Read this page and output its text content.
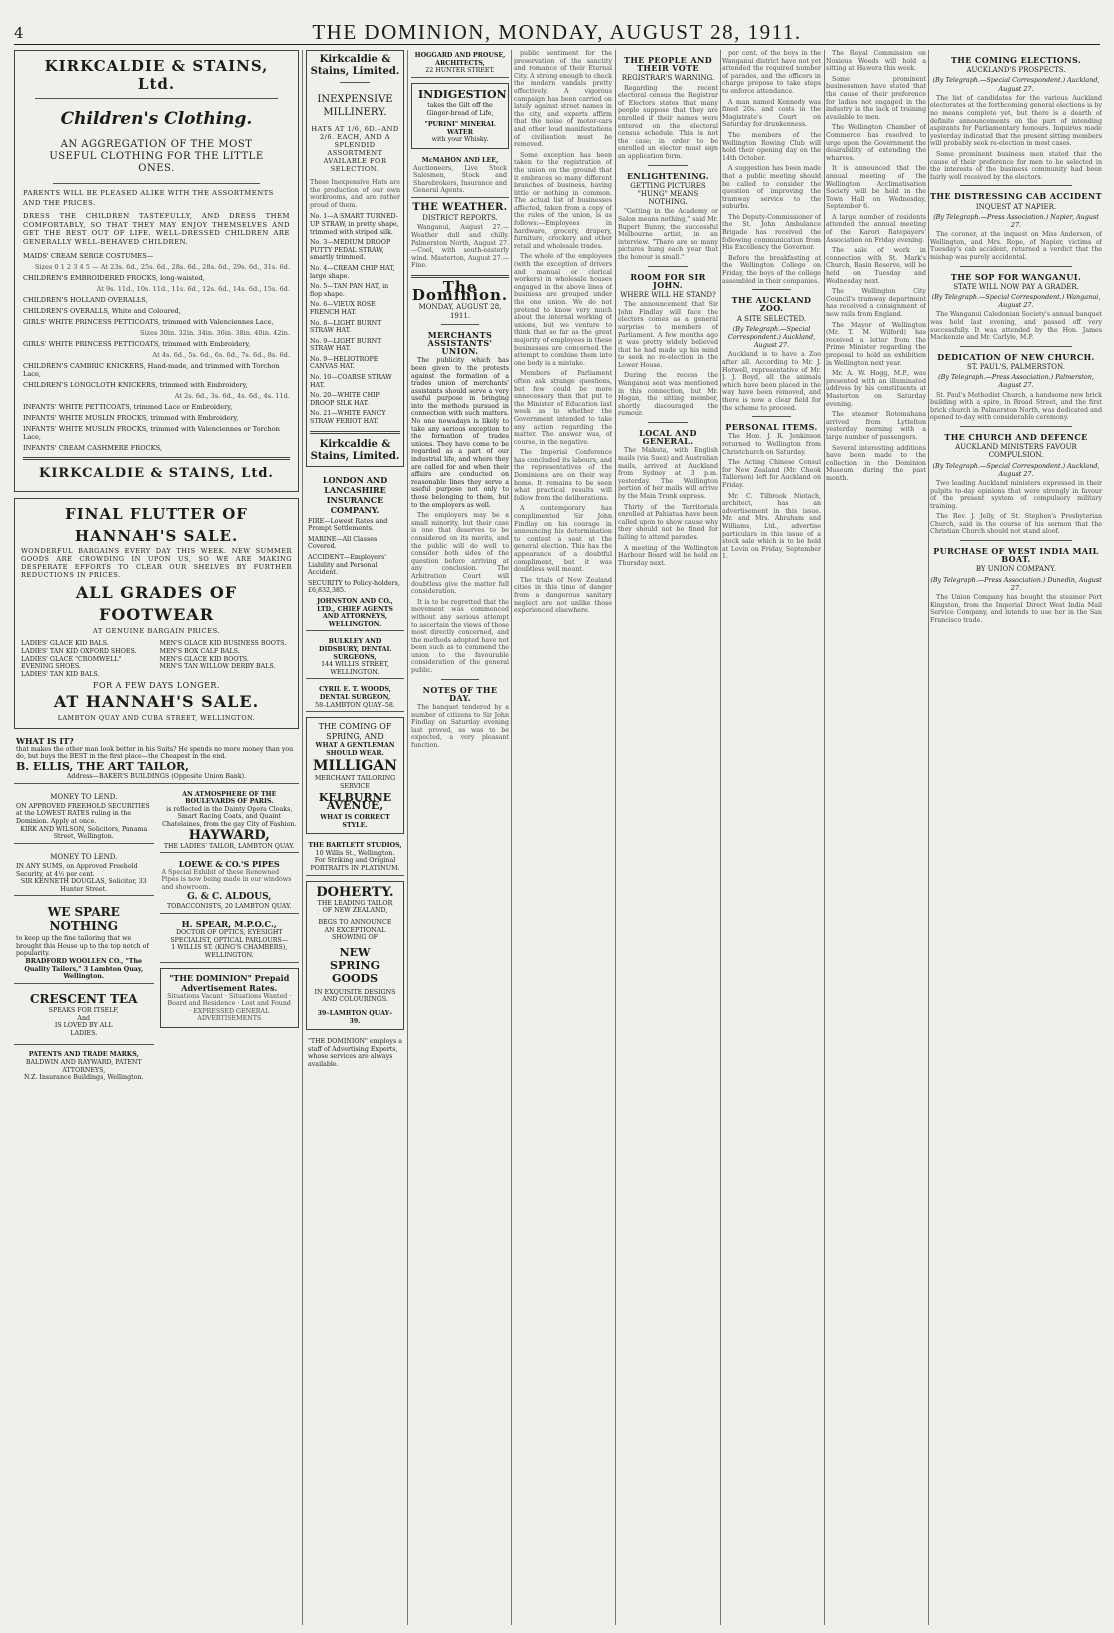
4	THE DOMINION, MONDAY, AUGUST 28, 1911.
KIRKCALDIE & STAINS, Ltd.
Children's Clothing.
AN AGGREGATION OF THE MOST USEFUL CLOTHING FOR THE LITTLE ONES.
PARENTS WILL BE PLEASED ALIKE WITH THE ASSORTMENTS AND THE PRICES.
DRESS THE CHILDREN TASTEFULLY, AND DRESS THEM COMFORTABLY, SO THAT THEY MAY ENJOY THEMSELVES AND GET THE BEST OUT OF LIFE. WELL-DRESSED CHILDREN ARE GENERALLY WELL-BEHAVED CHILDREN.
MAIDS' CREAM SERGE COSTUMES—
Sizes 0 1 2 3 4 5 — At 23s. 6d., 25s. 6d., 28s. 6d., 28s. 6d., 29s. 6d., 31s. 6d.
CHILDREN'S EMBROIDERED FROCKS, long-waisted,
At 9s. 11d., 10s. 11d., 11s. 6d., 12s. 6d., 14s. 6d., 15s. 6d.
CHILDREN'S HOLLAND OVERALLS,
CHILDREN'S OVERALLS, White and Coloured,
GIRLS' WHITE PRINCESS PETTICOATS, trimmed with Valenciennes Lace,
Sizes 30in. 32in. 34in. 36in. 38in. 40in. 42in.
GIRLS' WHITE PRINCESS PETTICOATS, trimmed with Embroidery,
At 4s. 6d., 5s. 6d., 6s. 6d., 7s. 6d., 8s. 6d.
CHILDREN'S CAMBRIC KNICKERS, Hand-made, and trimmed with Torchon Lace,
CHILDREN'S LONGCLOTH KNICKERS, trimmed with Embroidery,
At 2s. 6d., 3s. 6d., 4s. 6d., 4s. 11d.
INFANTS' WHITE PETTICOATS, trimmed Lace or Embroidery,
INFANTS' WHITE MUSLIN FROCKS, trimmed with Embroidery,
INFANTS' WHITE MUSLIN FROCKS, trimmed with Valenciennes or Torchon Lace,
INFANTS' CREAM CASHMERE FROCKS,
KIRKCALDIE & STAINS, Ltd.
FINAL FLUTTER OF HANNAH'S SALE.
WONDERFUL BARGAINS EVERY DAY THIS WEEK. NEW SUMMER GOODS ARE CROWDING IN UPON US, SO WE ARE MAKING DESPERATE EFFORTS TO CLEAR OUR SHELVES BY FURTHER REDUCTIONS IN PRICES.
ALL GRADES OF FOOTWEAR
AT GENUINE BARGAIN PRICES.
LADIES' GLACE KID BALS.
LADIES' TAN KID OXFORD SHOES.
LADIES' GLACE "CROMWELL" EVENING SHOES.
LADIES' TAN KID BALS.
MEN'S GLACE KID BUSINESS BOOTS.
MEN'S BOX CALF BALS.
MEN'S GLACE KID BOOTS.
MEN'S TAN WILLOW DERBY BALS.
FOR A FEW DAYS LONGER.
AT HANNAH'S SALE.
LAMBTON QUAY AND CUBA STREET, WELLINGTON.
WHAT IS IT?
that makes the other man look better in his Suits? He spends no more money than you do, but buys the BEST in the first place—the Cheapest in the end.
B. ELLIS, THE ART TAILOR,
Address—BAKER'S BUILDINGS (Opposite Union Bank).
MONEY TO LEND.
ON APPROVED FREEHOLD SECURITIES at the LOWEST RATES ruling in the Dominion. Apply at once.
KIRK AND WILSON, Solicitors, Panama Street, Wellington.
MONEY TO LEND.
IN ANY SUMS, on Approved Freehold Security, at 4½ per cent.
SIR KENNETH DOUGLAS, Solicitor, 33 Hunter Street.
WE SPARE NOTHING
to keep up the fine tailoring that we brought this House up to the top notch of popularity.
BRADFORD WOOLLEN CO., "The Quality Tailors," 3 Lambton Quay, Wellington.
CRESCENT TEA
SPEAKS FOR ITSELF,
And
IS LOVED BY ALL
LADIES.
PATENTS AND TRADE MARKS,
BALDWIN AND RAYWARD, PATENT ATTORNEYS,
N.Z. Insurance Buildings, Wellington.
AN ATMOSPHERE OF THE BOULEVARDS OF PARIS.
is reflected in the Dainty Opera Cloaks, Smart Racing Coats, and Quaint Chatelaines, from the gay City of Fashion.
HAYWARD,
THE LADIES' TAILOR, LAMBTON QUAY.
LOEWE & CO.'S PIPES
A Special Exhibit of these Renowned Pipes is now being made in our windows and showroom.
G. & C. ALDOUS,
TOBACCONISTS, 20 LAMBTON QUAY.
H. SPEAR, M.P.O.C.,
DOCTOR OF OPTICS, EYESIGHT SPECIALIST, OPTICAL PARLOURS—
1 WILLIS ST. (KING'S CHAMBERS), WELLINGTON.
"THE DOMINION" Prepaid Advertisement Rates.
Situations Vacant · Situations Wanted · Board and Residence · Lost and Found · EXPRESSED GENERAL ADVERTISEMENTS
Kirkcaldie & Stains, Limited.
INEXPENSIVE MILLINERY.
HATS AT 1/6, 6D.–AND 2/6. EACH, AND A SPLENDID ASSORTMENT AVAILABLE FOR SELECTION.
These Inexpensive Hats are the production of our own workrooms, and are rather proud of them.
No. 1—A SMART TURNED-UP STRAW, in pretty shape, trimmed with striped silk.
No. 3—MEDIUM DROOP PUTTY PEDAL STRAW, smartly trimmed.
No. 4—CREAM CHIP HAT, large shape.
No. 5—TAN PAN HAT, in flop shape.
No. 6—VIEUX ROSE FRENCH HAT.
No. 8—LIGHT BURNT STRAW HAT.
No. 9—LIGHT BURNT STRAW HAT.
No. 9—HELIOTROPE CANVAS HAT.
No. 10—COARSE STRAW HAT.
No. 20—WHITE CHIP DROOP SILK HAT.
No. 21—WHITE FANCY STRAW FERIOT HAT.
Kirkcaldie & Stains, Limited.
LONDON AND LANCASHIRE INSURANCE COMPANY.
FIRE—Lowest Rates and Prompt Settlements.
MARINE—All Classes Covered.
ACCIDENT—Employers' Liability and Personal Accident.
SECURITY to Policy-holders, £6,832,385.
JOHNSTON AND CO., LTD., CHIEF AGENTS AND ATTORNEYS, WELLINGTON.
BULKLEY AND DIDSBURY, DENTAL SURGEONS,
144 WILLIS STREET, WELLINGTON.
CYRIL E. T. WOODS, DENTAL SURGEON,
58–LAMBTON QUAY–58.
THE COMING OF SPRING, AND
WHAT A GENTLEMAN SHOULD WEAR.
MILLIGAN
MERCHANT TAILORING SERVICE
KELBURNE AVENUE,
WHAT IS CORRECT STYLE.
THE BARTLETT STUDIOS,
10 Willis St., Wellington.
For Striking and Original PORTRAITS IN PLATINUM.
DOHERTY.
THE LEADING TAILOR OF NEW ZEALAND,
BEGS TO ANNOUNCE AN EXCEPTIONAL SHOWING OF
NEW SPRING GOODS
IN EXQUISITE DESIGNS AND COLOURINGS.
39–LAMBTON QUAY–39.
"THE DOMINION" employs a staff of Advertising Experts, whose services are always available.
HOGGARD AND PROUSE, ARCHITECTS,
22 HUNTER STREET.
INDIGESTION
takes the Gilt off the Ginger-bread of Life,
"PURINI" MINERAL WATER
with your Whisky.
McMAHON AND LEE,
Auctioneers, Live Stock Salesmen, Stock and Sharebrokers, Insurance and General Agents.
THE WEATHER.
DISTRICT REPORTS.

Wanganui, August 27.—Weather dull and chilly. Palmerston North, August 27.—Cool, with south-easterly wind. Masterton, August 27.—Fine.

The Dominion.
MONDAY, AUGUST 28, 1911.
MERCHANTS ASSISTANTS' UNION.

The publicity which has been given to the protests against the formation of a trades union of merchants' assistants should serve a very useful purpose in bringing into the methods pursued in connection with such matters. No one nowadays is likely to take any serious exception to the formation of trades unions. They have come to be regarded as a part of our industrial life, and where they are called for and when their affairs are conducted on reasonable lines they serve a useful purpose not only to those belonging to them, but to the employers as well.

The employers may be a small minority, but their case is one that deserves to be considered on its merits, and the public will do well to consider both sides of the question before arriving at any conclusion. The Arbitration Court will doubtless give the matter full consideration.

It is to be regretted that the movement was commenced without any serious attempt to ascertain the views of those most directly concerned, and the methods adopted have not been such as to commend the union to the favourable consideration of the general public.

NOTES OF THE DAY.

The banquet tendered by a number of citizens to Sir John Findlay on Saturday evening last proved, as was to be expected, a very pleasant function.

public sentiment for the preservation of the sanctity and romance of their Eternal City. A strong enough to check the modern vandals pretty effectively. A vigorous campaign has been carried on lately against street names in the city, and experts affirm that the noise of motor-cars and other loud manifestations of civilisation must be removed.

Some exception has been taken to the registration of the union on the ground that it embraces so many different branches of business, having little or nothing in common. The actual list of businesses affected, taken from a copy of the rules of the union, is as follows:—Employees in hardware, grocery, drapery, furniture, crockery and other retail and wholesale trades.

The whole of the employees (with the exception of drivers and manual or clerical workers) in wholesale houses engaged in the above lines of business are grouped under the one union. We do not pretend to know very much about the internal working of unions, but we venture to think that so far as the great majority of employees in these businesses are concerned the attempt to combine them into one body is a mistake.

Members of Parliament often ask strange questions, but few could be more unnecessary than that put to the Minister of Education last week as to whether the Government intended to take any action regarding the matter. The answer was, of course, in the negative.

The Imperial Conference has concluded its labours, and the representatives of the Dominions are on their way home. It remains to be seen what practical results will follow from the deliberations.

A contemporary has complimented Sir John Findlay on his courage in announcing his determination to contest a seat at the general election. This has the appearance of a doubtful compliment, but it was doubtless well meant.

The trials of New Zealand cities in this time of danger from a dangerous sanitary neglect are not unlike those experienced elsewhere.

THE PEOPLE AND THEIR VOTE
REGISTRAR'S WARNING.

Regarding the recent electoral census the Registrar of Electors states that many people suppose that they are enrolled if their names were entered on the electoral census schedule. This is not the case; in order to be enrolled an elector must sign an application form.

ENLIGHTENING.
GETTING PICTURES "HUNG" MEANS NOTHING.

"Getting in the Academy or Salon means nothing," said Mr. Rupert Bunny, the successful Melbourne artist, in an interview. "There are so many pictures hung each year that the honour is small."

ROOM FOR SIR JOHN.
WHERE WILL HE STAND?

The announcement that Sir John Findlay will face the electors comes as a general surprise to members of Parliament. A few months ago it was pretty widely believed that he had made up his mind to seek no re-election in the Lower House.

During the recess the Wanganui seat was mentioned in this connection, but Mr. Hogan, the sitting member, shortly discouraged the rumour.

LOCAL AND GENERAL.

The Mahuta, with English mails (via Suez) and Australian mails, arrived at Auckland from Sydney at 3 p.m. yesterday. The Wellington portion of her mails will arrive by the Main Trunk express.

Thirty of the Territorials enrolled at Pahiatua have been called upon to show cause why they should not be fined for failing to attend parades.

A meeting of the Wellington Harbour Board will be held on Thursday next.

per cent. of the boys in the Wanganui district have not yet attended the required number of parades, and the officers in charge propose to take steps to enforce attendance.

A man named Kennedy was fined 20s. and costs in the Magistrate's Court on Saturday for drunkenness.

The members of the Wellington Rowing Club will hold their opening day on the 14th October.

A suggestion has been made that a public meeting should be called to consider the question of improving the tramway service to the suburbs.

The Deputy-Commissioner of the St. John Ambulance Brigade has received the following communication from His Excellency the Governor.

Before the breakfasting at the Wellington College on Friday, the boys of the college assembled in their companies.

THE AUCKLAND ZOO.
A SITE SELECTED.
(By Telegraph.—Special Correspondent.) Auckland, August 27.

Auckland is to have a Zoo after all. According to Mr. J. Hotwell, representative of Mr. J. J. Boyd, all the animals which have been placed in the way have been removed, and there is now a clear field for the scheme to proceed.

PERSONAL ITEMS.

The Hon. J. R. Jenkinson returned to Wellington from Christchurch on Saturday.

The Acting Chinese Consul for New Zealand (Mr. Cheok Tallerson) left for Auckland on Friday.

Mr. C. Tilbrook Niotach, architect, has an advertisement in this issue. Mr. and Mrs. Abraham and Williams, Ltd., advertise particulars in this issue of a stock sale which is to be held at Levin on Friday, September 1.

The Royal Commission on Noxious Weeds will hold a sitting at Hawera this week.

Some prominent businessmen have stated that the cause of their preference for ladies not engaged in the industry is the lack of training available to men.

The Wellington Chamber of Commerce has resolved to urge upon the Government the desirability of extending the wharves.

It is announced that the annual meeting of the Wellington Acclimatisation Society will be held in the Town Hall on Wednesday, September 6.

A large number of residents attended the annual meeting of the Karori Ratepayers' Association on Friday evening.

The sale of work in connection with St. Mark's Church, Basin Reserve, will be held on Tuesday and Wednesday next.

The Wellington City Council's tramway department has received a consignment of new rails from England.

The Mayor of Wellington (Mr. T. M. Wilford) has received a letter from the Prime Minister regarding the proposal to hold an exhibition in Wellington next year.

Mr. A. W. Hogg, M.P., was presented with an illuminated address by his constituents at Masterton on Saturday evening.

The steamer Rotomahana arrived from Lyttelton yesterday morning with a large number of passengers.

Several interesting additions have been made to the collection in the Dominion Museum during the past month.

THE COMING ELECTIONS.
AUCKLAND'S PROSPECTS.
(By Telegraph.—Special Correspondent.) Auckland, August 27.

The list of candidates for the various Auckland electorates at the forthcoming general elections is by no means complete yet, but there is a dearth of definite announcements on the part of intending aspirants for Parliamentary honours. Inquiries made yesterday indicated that the present sitting members will probably seek re-election in most cases.

Some prominent business men stated that the cause of their preference for men to be selected in the interests of the business community had been fairly well received by the electors.

THE DISTRESSING CAB ACCIDENT
INQUEST AT NAPIER.
(By Telegraph.—Press Association.) Napier, August 27.

The coroner, at the inquest on Miss Anderson, of Wellington, and Mrs. Rope, of Napier, victims of Tuesday's cab accident, returned a verdict that the mishap was purely accidental.

THE SOP FOR WANGANUI.
STATE WILL NOW PAY A GRADER.
(By Telegraph.—Special Correspondent.) Wanganui, August 27.

The Wanganui Caledonian Society's annual banquet was held last evening, and passed off very successfully. It was attended by the Hon. James Mackenzie and Mr. Carlyle, M.P.

DEDICATION OF NEW CHURCH.
ST. PAUL'S, PALMERSTON.
(By Telegraph.—Press Association.) Palmerston, August 27.

St. Paul's Methodist Church, a handsome new brick building with a spire, in Broad Street, and the first brick church in Palmerston North, was dedicated and opened to-day with considerable ceremony.

THE CHURCH AND DEFENCE
AUCKLAND MINISTERS FAVOUR COMPULSION.
(By Telegraph.—Special Correspondent.) Auckland, August 27.

Two leading Auckland ministers expressed in their pulpits to-day opinions that were strongly in favour of the present system of compulsory military training.

The Rev. J. Jelly, of St. Stephen's Presbyterian Church, said in the course of his sermon that the Christian Church should not stand aloof.

PURCHASE OF WEST INDIA MAIL BOAT.
BY UNION COMPANY.
(By Telegraph.—Press Association.) Dunedin, August 27.

The Union Company has bought the steamer Port Kingston, from the Imperial Direct West India Mail Service Company, and intends to use her in the San Francisco trade.
